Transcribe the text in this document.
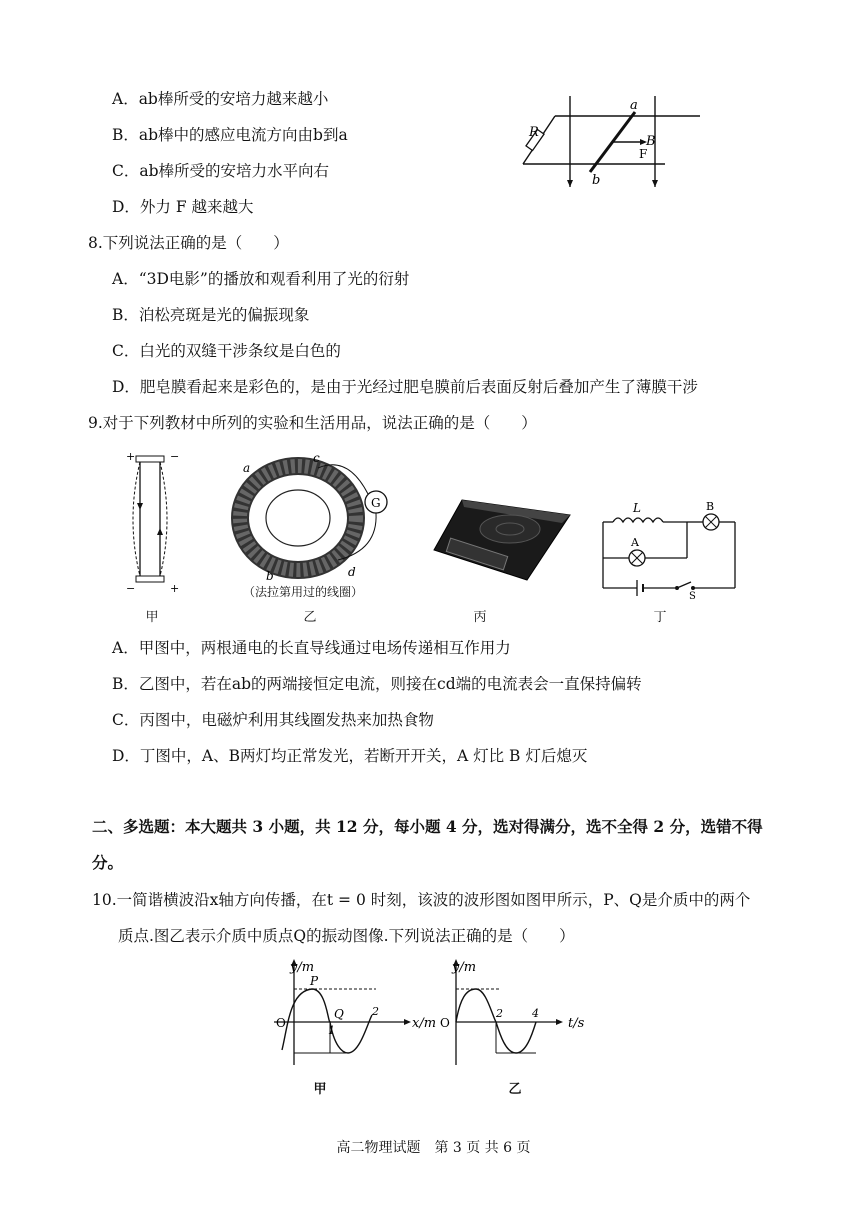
A．ab棒所受的安培力越来越小
B．ab棒中的感应电流方向由b到a
C．ab棒所受的安培力水平向右
D．外力 F 越来越大
R
a
b
B
F
8.下列说法正确的是（　　）
A．“3D电影”的播放和观看利用了光的衍射
B．泊松亮斑是光的偏振现象
C．白光的双缝干涉条纹是白色的
D．肥皂膜看起来是彩色的，是由于光经过肥皂膜前后表面反射后叠加产生了薄膜干涉
9.对于下列教材中所列的实验和生活用品，说法正确的是（　　）
+	−
−	+
甲
G
a
c
b	d
（法拉第用过的线圈）
乙	丙
L
A
B
S
丁
A．甲图中，两根通电的长直导线通过电场传递相互作用力
B．乙图中，若在ab的两端接恒定电流，则接在cd端的电流表会一直保持偏转
C．丙图中，电磁炉利用其线圈发热来加热食物
D．丁图中，A、B两灯均正常发光，若断开开关，A 灯比 B 灯后熄灭
二、多选题：本大题共 3 小题，共 12 分，每小题 4 分，选对得满分，选不全得 2 分，选错不得
分。
10.一简谐横波沿x轴方向传播，在t = 0 时刻，该波的波形图如图甲所示，P、Q是介质中的两个
质点.图乙表示介质中质点Q的振动图像.下列说法正确的是（　　）
y/m
x/m
O
P
Q
1
2
甲
y/m
t/s
O
2	4
乙
高二物理试题　第 3 页 共 6 页
